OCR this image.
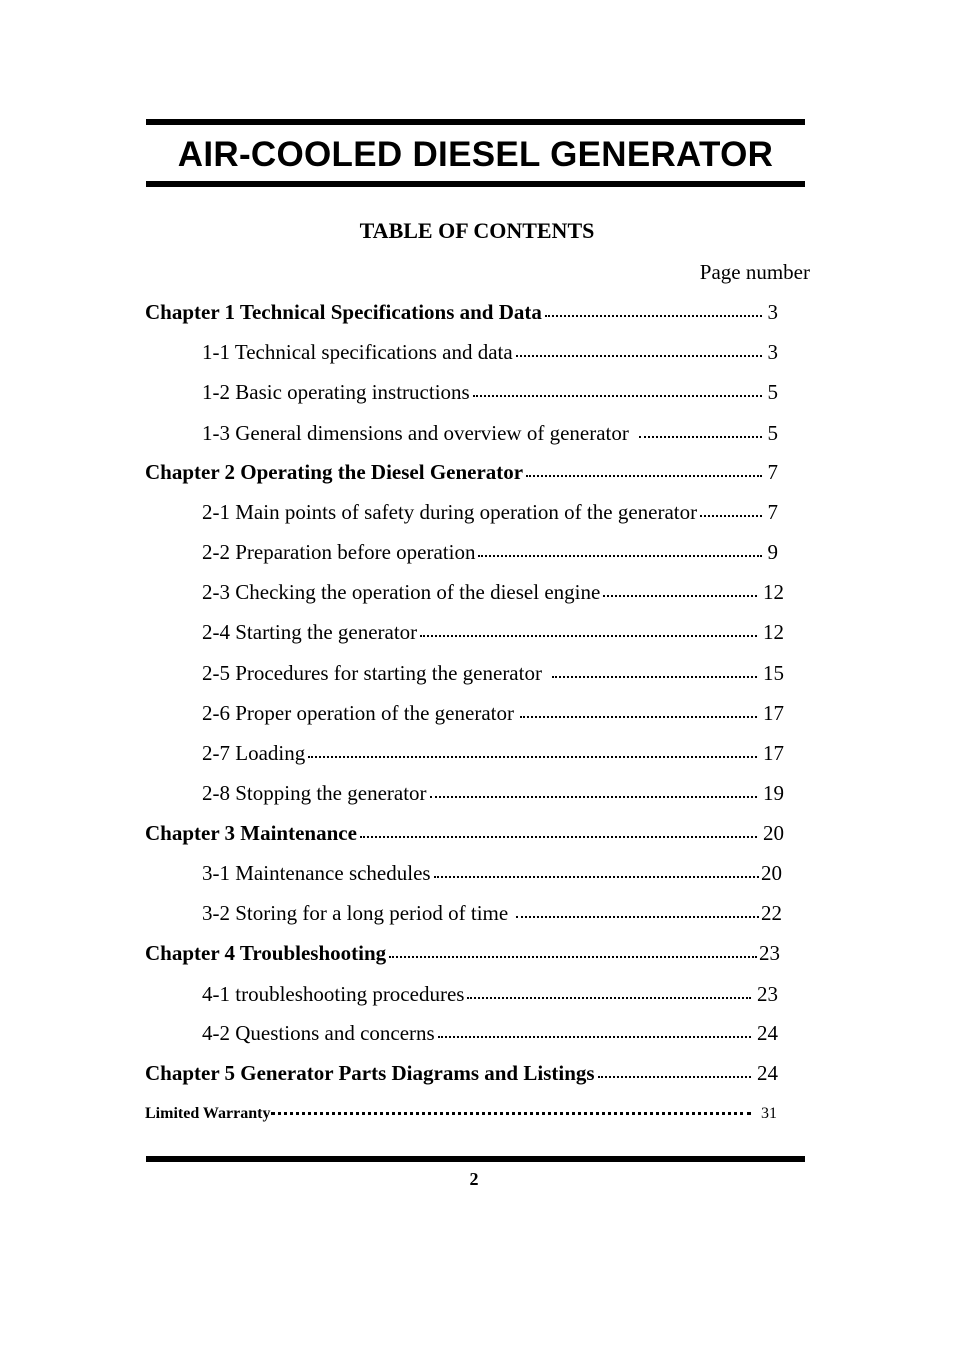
AIR-COOLED DIESEL GENERATOR
TABLE OF CONTENTS
Page number
Chapter 1 Technical Specifications and Data	3
1-1 Technical specifications and data	3
1-2 Basic operating instructions	5
1-3 General dimensions and overview of generator	5
Chapter 2 Operating the Diesel Generator	7
2-1 Main points of safety during operation of the generator	7
2-2 Preparation before operation	9
2-3 Checking the operation of the diesel engine	12
2-4 Starting the generator	12
2-5 Procedures for starting the generator	15
2-6 Proper operation of the generator	17
2-7 Loading	17
2-8 Stopping the generator	19
Chapter 3 Maintenance	20
3-1 Maintenance schedules	20
3-2 Storing for a long period of time	22
Chapter 4 Troubleshooting	23
4-1 troubleshooting procedures	23
4-2 Questions and concerns	24
Chapter 5 Generator Parts Diagrams and Listings	24
Limited Warranty	31
2
